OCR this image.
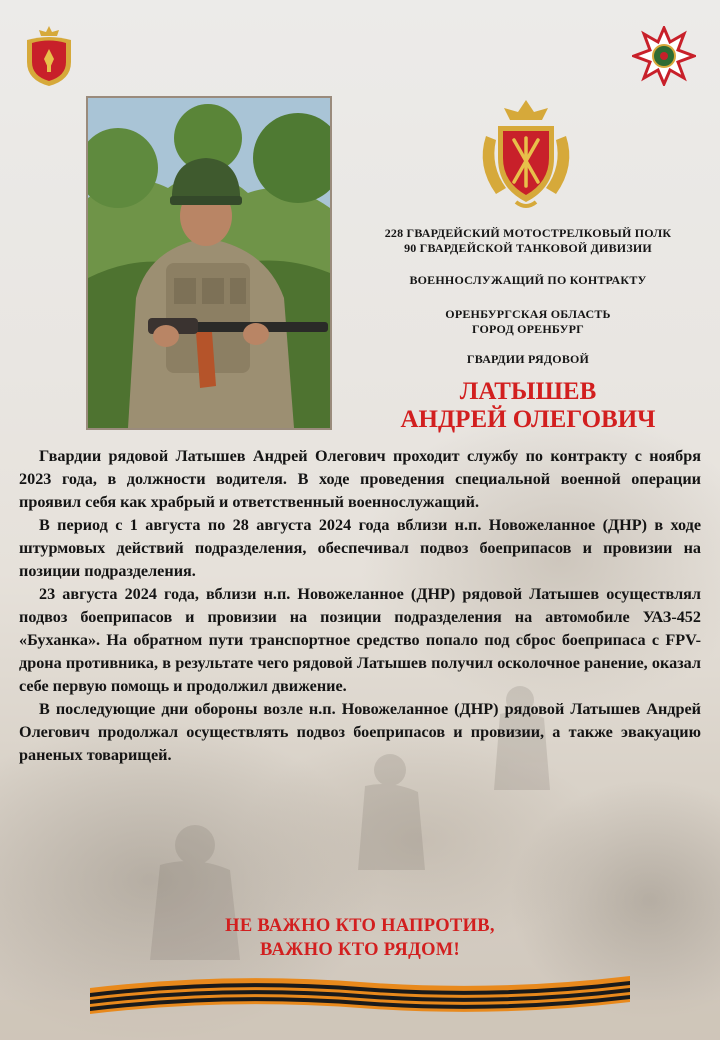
228 ГВАРДЕЙСКИЙ МОТОСТРЕЛКОВЫЙ ПОЛК
90 ГВАРДЕЙСКОЙ ТАНКОВОЙ ДИВИЗИИ
ВОЕННОСЛУЖАЩИЙ ПО КОНТРАКТУ
ОРЕНБУРГСКАЯ ОБЛАСТЬ
ГОРОД ОРЕНБУРГ
ГВАРДИИ РЯДОВОЙ
ЛАТЫШЕВ
АНДРЕЙ ОЛЕГОВИЧ

Гвардии рядовой Латышев Андрей Олегович проходит службу по контракту с ноября 2023 года, в должности водителя. В ходе проведения специальной военной операции проявил себя как храбрый и ответственный военнослужащий.

В период с 1 августа по 28 августа 2024 года вблизи н.п. Новожеланное (ДНР) в ходе штурмовых действий подразделения, обеспечивал подвоз боеприпасов и провизии на позиции подразделения.

23 августа 2024 года, вблизи н.п. Новожеланное (ДНР) рядовой Латышев осуществлял подвоз боеприпасов и провизии на позиции подразделения на автомобиле УАЗ-452 «Буханка». На обратном пути транспортное средство попало под сброс боеприпаса с FPV-дрона противника, в результате чего рядовой Латышев получил осколочное ранение, оказал себе первую помощь и продолжил движение.

В последующие дни обороны возле н.п. Новожеланное (ДНР) рядовой Латышев Андрей Олегович продолжал осуществлять подвоз боеприпасов и провизии, а также эвакуацию раненых товарищей.

НЕ ВАЖНО КТО НАПРОТИВ,
ВАЖНО КТО РЯДОМ!
